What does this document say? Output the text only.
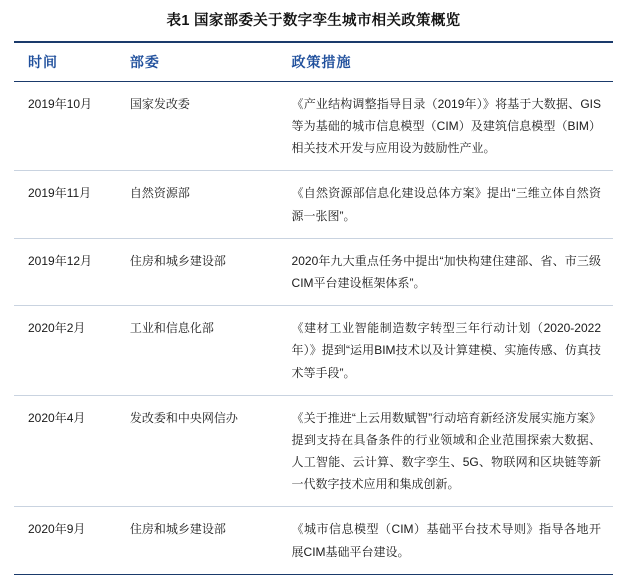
表1 国家部委关于数字孪生城市相关政策概览
时间	部委	政策措施
2019年10月	国家发改委	《产业结构调整指导目录（2019年）》将基于大数据、GIS等为基础的城市信息模型（CIM）及建筑信息模型（BIM）相关技术开发与应用设为鼓励性产业。
2019年11月	自然资源部	《自然资源部信息化建设总体方案》提出“三维立体自然资源一张图”。
2019年12月	住房和城乡建设部	2020年九大重点任务中提出“加快构建住建部、省、市三级CIM平台建设框架体系”。
2020年2月	工业和信息化部	《建材工业智能制造数字转型三年行动计划（2020-2022年）》提到“运用BIM技术以及计算建模、实施传感、仿真技术等手段”。
2020年4月	发改委和中央网信办	《关于推进“上云用数赋智”行动培育新经济发展实施方案》提到支持在具备条件的行业领域和企业范围探索大数据、人工智能、云计算、数字孪生、5G、物联网和区块链等新一代数字技术应用和集成创新。
2020年9月	住房和城乡建设部	《城市信息模型（CIM）基础平台技术导则》指导各地开展CIM基础平台建设。
